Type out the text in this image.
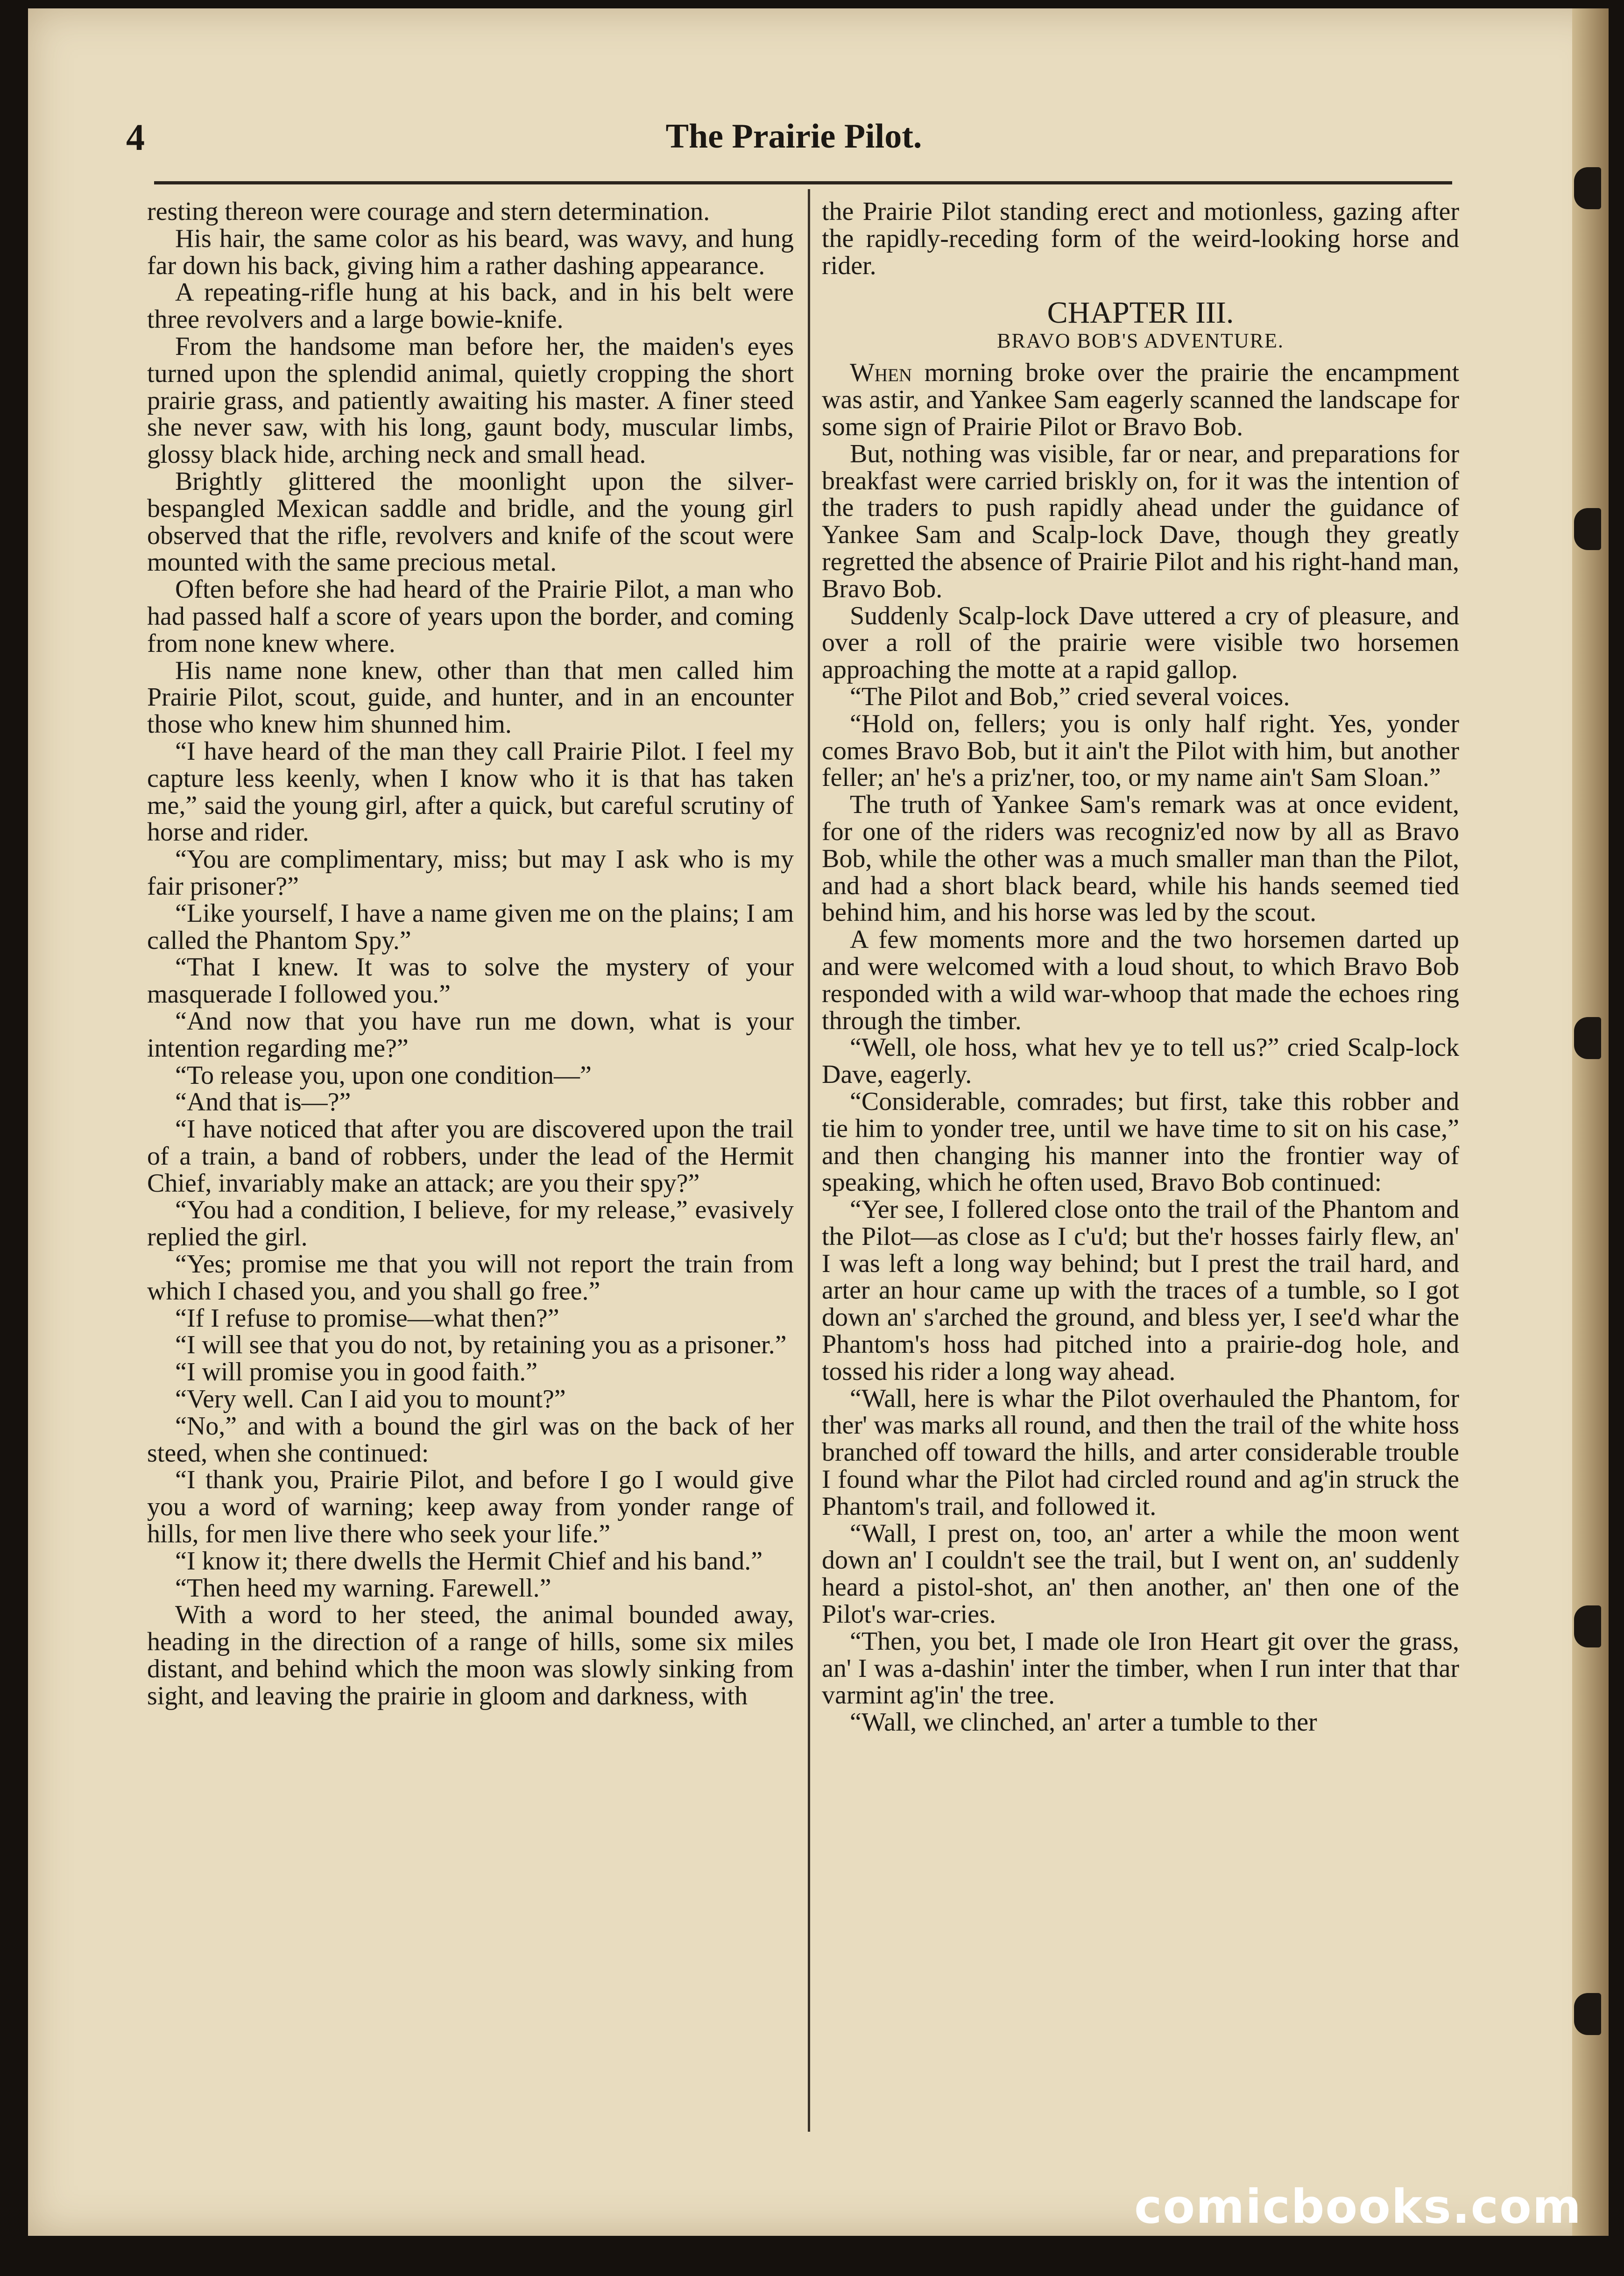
4	The Prairie Pilot.

resting thereon were courage and stern determination.

His hair, the same color as his beard, was wavy, and hung far down his back, giving him a rather dashing appearance.

A repeating-rifle hung at his back, and in his belt were three revolvers and a large bowie-knife.

From the handsome man before her, the maiden's eyes turned upon the splendid animal, quietly cropping the short prairie grass, and patiently awaiting his master. A finer steed she never saw, with his long, gaunt body, muscular limbs, glossy black hide, arching neck and small head.

Brightly glittered the moonlight upon the silver-bespangled Mexican saddle and bridle, and the young girl observed that the rifle, revolvers and knife of the scout were mounted with the same precious metal.

Often before she had heard of the Prairie Pilot, a man who had passed half a score of years upon the border, and coming from none knew where.

His name none knew, other than that men called him Prairie Pilot, scout, guide, and hunter, and in an encounter those who knew him shunned him.

“I have heard of the man they call Prairie Pilot. I feel my capture less keenly, when I know who it is that has taken me,” said the young girl, after a quick, but careful scrutiny of horse and rider.

“You are complimentary, miss; but may I ask who is my fair prisoner?”

“Like yourself, I have a name given me on the plains; I am called the Phantom Spy.”

“That I knew. It was to solve the mystery of your masquerade I followed you.”

“And now that you have run me down, what is your intention regarding me?”

“To release you, upon one condition—”

“And that is—?”

“I have noticed that after you are discovered upon the trail of a train, a band of robbers, under the lead of the Hermit Chief, invariably make an attack; are you their spy?”

“You had a condition, I believe, for my release,” evasively replied the girl.

“Yes; promise me that you will not report the train from which I chased you, and you shall go free.”

“If I refuse to promise—what then?”

“I will see that you do not, by retaining you as a prisoner.”

“I will promise you in good faith.”

“Very well. Can I aid you to mount?”

“No,” and with a bound the girl was on the back of her steed, when she continued:

“I thank you, Prairie Pilot, and before I go I would give you a word of warning; keep away from yonder range of hills, for men live there who seek your life.”

“I know it; there dwells the Hermit Chief and his band.”

“Then heed my warning. Farewell.”

With a word to her steed, the animal bounded away, heading in the direction of a range of hills, some six miles distant, and behind which the moon was slowly sinking from sight, and leaving the prairie in gloom and darkness, with

the Prairie Pilot standing erect and motionless, gazing after the rapidly-receding form of the weird-looking horse and rider.

CHAPTER III.
BRAVO BOB'S ADVENTURE.

When morning broke over the prairie the encampment was astir, and Yankee Sam eagerly scanned the landscape for some sign of Prairie Pilot or Bravo Bob.

But, nothing was visible, far or near, and preparations for breakfast were carried briskly on, for it was the intention of the traders to push rapidly ahead under the guidance of Yankee Sam and Scalp-lock Dave, though they greatly regretted the absence of Prairie Pilot and his right-hand man, Bravo Bob.

Suddenly Scalp-lock Dave uttered a cry of pleasure, and over a roll of the prairie were visible two horsemen approaching the motte at a rapid gallop.

“The Pilot and Bob,” cried several voices.

“Hold on, fellers; you is only half right. Yes, yonder comes Bravo Bob, but it ain't the Pilot with him, but another feller; an' he's a priz'ner, too, or my name ain't Sam Sloan.”

The truth of Yankee Sam's remark was at once evident, for one of the riders was recogniz'ed now by all as Bravo Bob, while the other was a much smaller man than the Pilot, and had a short black beard, while his hands seemed tied behind him, and his horse was led by the scout.

A few moments more and the two horsemen darted up and were welcomed with a loud shout, to which Bravo Bob responded with a wild war-whoop that made the echoes ring through the timber.

“Well, ole hoss, what hev ye to tell us?” cried Scalp-lock Dave, eagerly.

“Considerable, comrades; but first, take this robber and tie him to yonder tree, until we have time to sit on his case,” and then changing his manner into the frontier way of speaking, which he often used, Bravo Bob continued:

“Yer see, I follered close onto the trail of the Phantom and the Pilot—as close as I c'u'd; but the'r hosses fairly flew, an' I was left a long way behind; but I prest the trail hard, and arter an hour came up with the traces of a tumble, so I got down an' s'arched the ground, and bless yer, I see'd whar the Phantom's hoss had pitched into a prairie-dog hole, and tossed his rider a long way ahead.

“Wall, here is whar the Pilot overhauled the Phantom, for ther' was marks all round, and then the trail of the white hoss branched off toward the hills, and arter considerable trouble I found whar the Pilot had circled round and ag'in struck the Phantom's trail, and followed it.

“Wall, I prest on, too, an' arter a while the moon went down an' I couldn't see the trail, but I went on, an' suddenly heard a pistol-shot, an' then another, an' then one of the Pilot's war-cries.

“Then, you bet, I made ole Iron Heart git over the grass, an' I was a-dashin' inter the timber, when I run inter that thar varmint ag'in' the tree.

“Wall, we clinched, an' arter a tumble to ther

comicbooks.com
